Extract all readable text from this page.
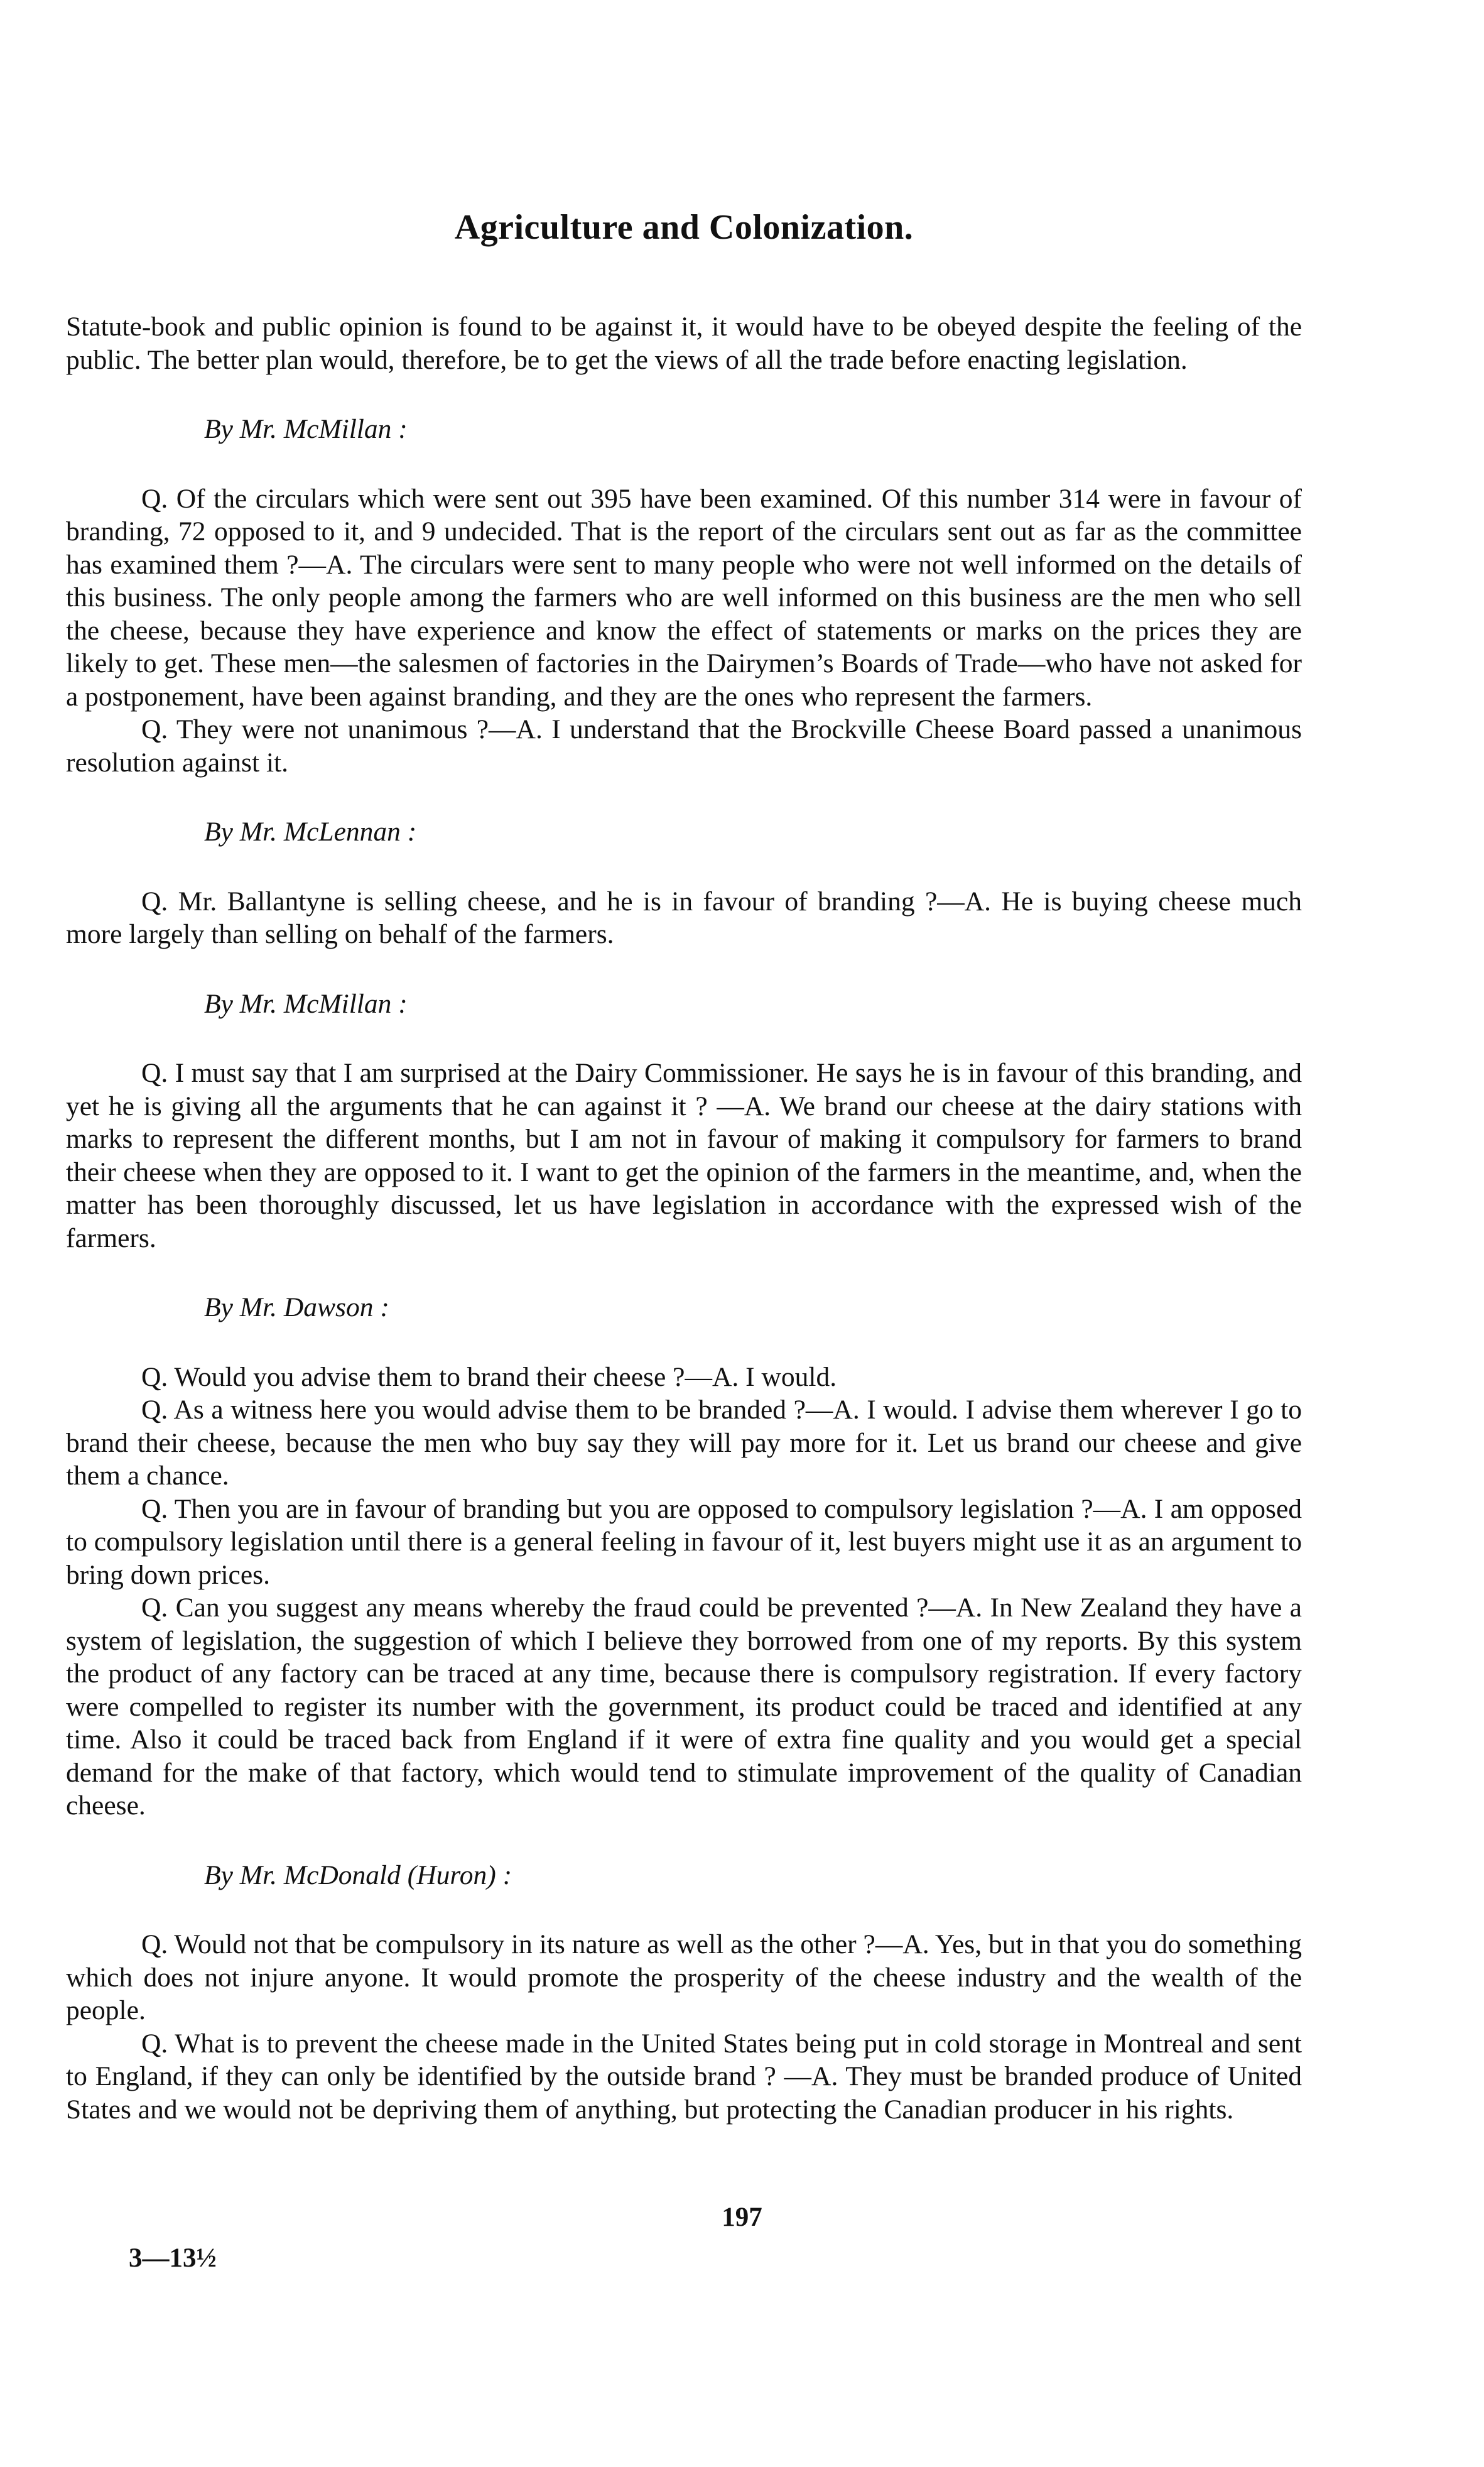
Agriculture and Colonization.

Statute-book and public opinion is found to be against it, it would have to be obeyed despite the feeling of the public. The better plan would, therefore, be to get the views of all the trade before enacting legislation.

By Mr. McMillan :

Q. Of the circulars which were sent out 395 have been examined. Of this number 314 were in favour of branding, 72 opposed to it, and 9 undecided. That is the report of the circulars sent out as far as the committee has examined them ?—A. The circulars were sent to many people who were not well informed on the details of this business. The only people among the farmers who are well informed on this business are the men who sell the cheese, because they have experience and know the effect of statements or marks on the prices they are likely to get. These men—the salesmen of factories in the Dairymen’s Boards of Trade—who have not asked for a postponement, have been against branding, and they are the ones who represent the farmers.

Q. They were not unanimous ?—A. I understand that the Brockville Cheese Board passed a unanimous resolution against it.

By Mr. McLennan :

Q. Mr. Ballantyne is selling cheese, and he is in favour of branding ?—A. He is buying cheese much more largely than selling on behalf of the farmers.

By Mr. McMillan :

Q. I must say that I am surprised at the Dairy Commissioner. He says he is in favour of this branding, and yet he is giving all the arguments that he can against it ? —A. We brand our cheese at the dairy stations with marks to represent the different months, but I am not in favour of making it compulsory for farmers to brand their cheese when they are opposed to it. I want to get the opinion of the farmers in the meantime, and, when the matter has been thoroughly discussed, let us have legislation in accordance with the expressed wish of the farmers.

By Mr. Dawson :

Q. Would you advise them to brand their cheese ?—A. I would.

Q. As a witness here you would advise them to be branded ?—A. I would. I advise them wherever I go to brand their cheese, because the men who buy say they will pay more for it. Let us brand our cheese and give them a chance.

Q. Then you are in favour of branding but you are opposed to compulsory legislation ?—A. I am opposed to compulsory legislation until there is a general feeling in favour of it, lest buyers might use it as an argument to bring down prices.

Q. Can you suggest any means whereby the fraud could be prevented ?—A. In New Zealand they have a system of legislation, the suggestion of which I believe they borrowed from one of my reports. By this system the product of any factory can be traced at any time, because there is compulsory registration. If every factory were compelled to register its number with the government, its product could be traced and identified at any time. Also it could be traced back from England if it were of extra fine quality and you would get a special demand for the make of that factory, which would tend to stimulate improvement of the quality of Canadian cheese.

By Mr. McDonald (Huron) :

Q. Would not that be compulsory in its nature as well as the other ?—A. Yes, but in that you do something which does not injure anyone. It would promote the prosperity of the cheese industry and the wealth of the people.

Q. What is to prevent the cheese made in the United States being put in cold storage in Montreal and sent to England, if they can only be identified by the outside brand ? —A. They must be branded produce of United States and we would not be depriving them of anything, but protecting the Canadian producer in his rights.

197
3—13½
